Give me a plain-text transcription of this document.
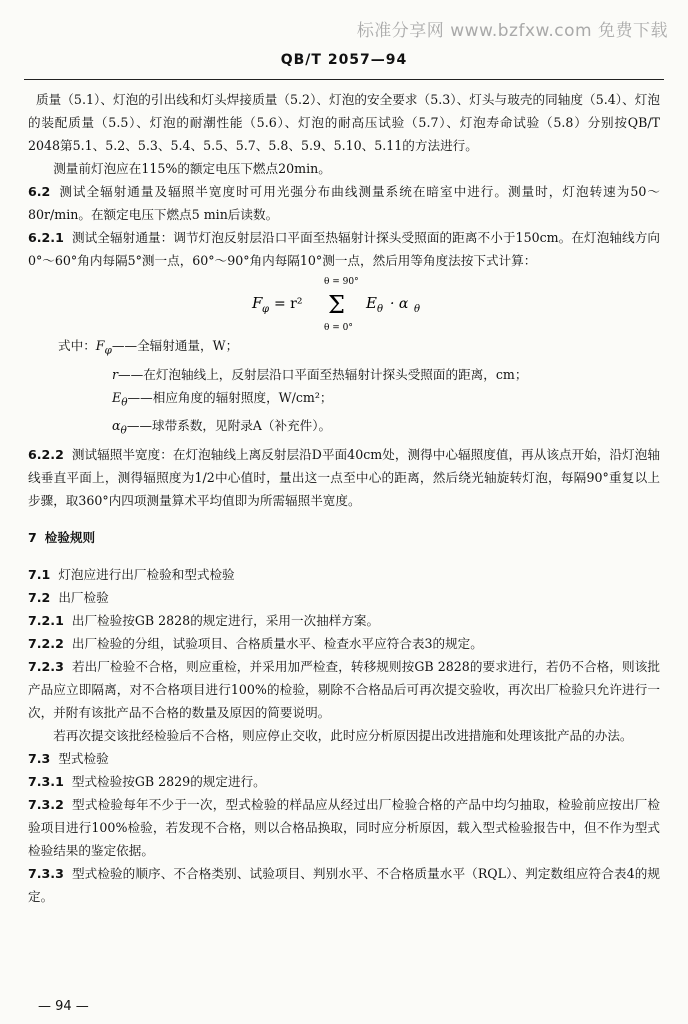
标准分享网 www.bzfxw.com 免费下载
QB/T 2057—94

质量（5.1）、灯泡的引出线和灯头焊接质量（5.2）、灯泡的安全要求（5.3）、灯头与玻壳的同轴度（5.4）、灯泡的装配质量（5.5）、灯泡的耐潮性能（5.6）、灯泡的耐高压试验（5.7）、灯泡寿命试验（5.8）分别按QB/T 2048第5.1、5.2、5.3、5.4、5.5、5.7、5.8、5.9、5.10、5.11的方法进行。

测量前灯泡应在115%的额定电压下燃点20min。

6.2 测试全辐射通量及辐照半宽度时可用光强分布曲线测量系统在暗室中进行。测量时，灯泡转速为50～80r/min。在额定电压下燃点5 min后读数。

6.2.1 测试全辐射通量：调节灯泡反射层沿口平面至热辐射计探头受照面的距离不小于150cm。在灯泡轴线方向0°～60°角内每隔5°测一点，60°～90°角内每隔10°测一点，然后用等角度法按下式计算：

F φ = r²
θ = 90°
Σ
θ = 0°
E θ · α θ
式中：$F_\varphi——$全辐射通量，W；
r——在灯泡轴线上，反射层沿口平面至热辐射计探头受照面的距离，cm；
$E_\theta——$相应角度的辐射照度，W/cm²；
$\alpha_\theta——$球带系数，见附录A（补充件）。

6.2.2 测试辐照半宽度：在灯泡轴线上离反射层沿D平面40cm处，测得中心辐照度值，再从该点开始，沿灯泡轴线垂直平面上，测得辐照度为1/2中心值时，量出这一点至中心的距离，然后绕光轴旋转灯泡，每隔90°重复以上步骤，取360°内四项测量算术平均值即为所需辐照半宽度。

7 检验规则

7.1 灯泡应进行出厂检验和型式检验

7.2 出厂检验

7.2.1 出厂检验按GB 2828的规定进行，采用一次抽样方案。

7.2.2 出厂检验的分组，试验项目、合格质量水平、检查水平应符合表3的规定。

7.2.3 若出厂检验不合格，则应重检，并采用加严检查，转移规则按GB 2828的要求进行，若仍不合格，则该批产品应立即隔离，对不合格项目进行100%的检验，剔除不合格品后可再次提交验收，再次出厂检验只允许进行一次，并附有该批产品不合格的数量及原因的简要说明。

若再次提交该批经检验后不合格，则应停止交收，此时应分析原因提出改进措施和处理该批产品的办法。

7.3 型式检验

7.3.1 型式检验按GB 2829的规定进行。

7.3.2 型式检验每年不少于一次，型式检验的样品应从经过出厂检验合格的产品中均匀抽取，检验前应按出厂检验项目进行100%检验，若发现不合格，则以合格品换取，同时应分析原因，载入型式检验报告中，但不作为型式检验结果的鉴定依据。

7.3.3 型式检验的顺序、不合格类别、试验项目、判别水平、不合格质量水平（RQL）、判定数组应符合表4的规定。

— 94 —
